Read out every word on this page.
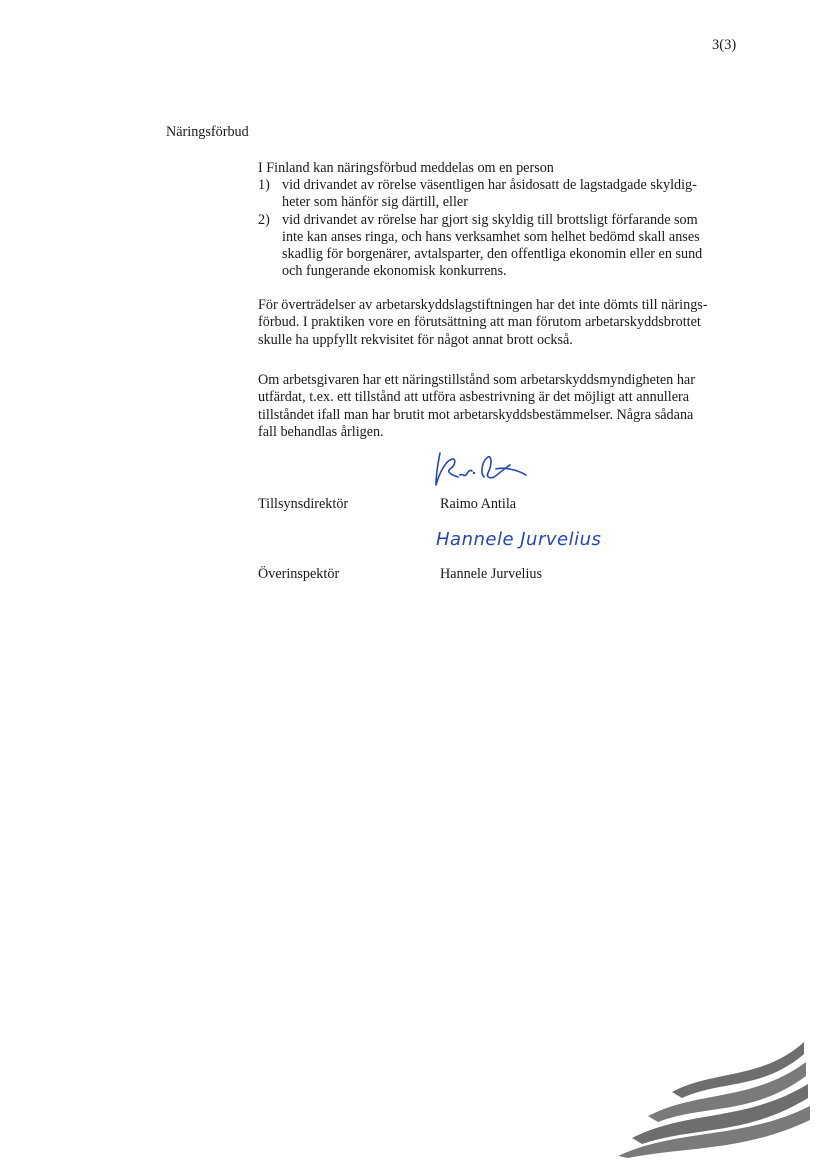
3(3)
Näringsförbud
I Finland kan näringsförbud meddelas om en person
1) vid drivandet av rörelse väsentligen har åsidosatt de lagstadgade skyldig-
heter som hänför sig därtill, eller

2) vid drivandet av rörelse har gjort sig skyldig till brottsligt förfarande som
inte kan anses ringa, och hans verksamhet som helhet bedömd skall anses
skadlig för borgenärer, avtalsparter, den offentliga ekonomin eller en sund
och fungerande ekonomisk konkurrens.

För överträdelser av arbetarskyddslagstiftningen har det inte dömts till närings-
förbud. I praktiken vore en förutsättning att man förutom arbetarskyddsbrottet
skulle ha uppfyllt rekvisitet för något annat brott också.

Om arbetsgivaren har ett näringstillstånd som arbetarskyddsmyndigheten har
utfärdat, t.ex. ett tillstånd att utföra asbestrivning är det möjligt att annullera
tillståndet ifall man har brutit mot arbetarskyddsbestämmelser. Några sådana
fall behandlas årligen.

Tillsynsdirektör	Raimo Antila
Hannele Jurvelius
Överinspektör	Hannele Jurvelius
